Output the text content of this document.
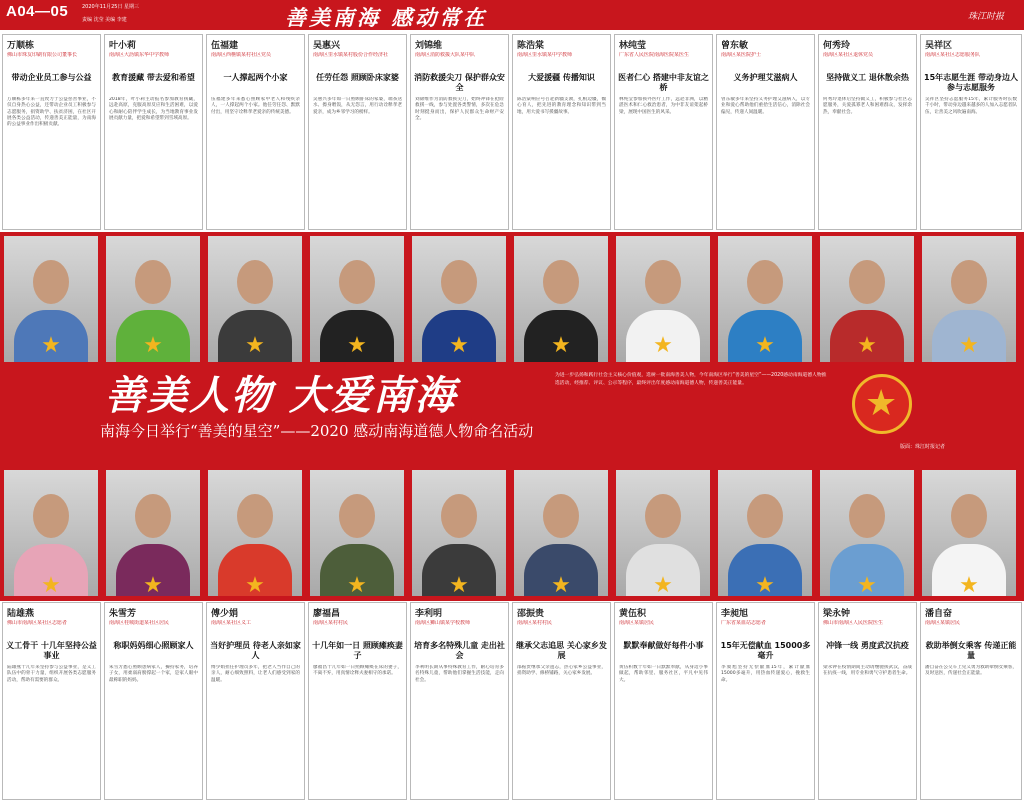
A04—05	2020年11月25日 星期三
责编 沈莹 美编 李建	善美南海 感动常在	珠江时报
万顺栋
佛山市珠友印刷有限公司董事长
带动企业员工参与公益
万顺栋多年来一直致力于公益慈善事业，不仅自身热心公益，还带动企业员工积极参与志愿服务，捐资助学、扶贫济困，在社区开展各类公益活动，传递善美正能量，为南海的公益事业作出积极贡献。
叶小莉
南海区大沥镇东华中学教师
教育援藏 带去爱和希望
2018年，叶小莉主动报名参加教育援藏，远赴高原，克服高原反应和生活困难，以爱心和耐心陪伴学生成长，为当地教育事业发展贡献力量，把爱和希望带到雪域高原。
伍福建
南海区西樵镇某村社区党员
一人撑起两个小家
伍福建多年来悉心照顾家中老人和残疾亲人，一人撑起两个小家。他任劳任怨、默默付出，用坚守诠释孝老爱亲的传统美德。
吴惠兴
南海区里水镇某村股份合作经济社
任劳任怨 照顾卧床家婆
吴惠兴多年如一日照顾卧床的家婆，端茶送水、擦身喂饭，从无怨言，用行动诠释孝老爱亲，成为乡邻学习的榜样。
刘锦维
南海区消防救援大队某中队
消防救援尖刀 保护群众安全
刘锦维作为消防救援尖刀，始终冲锋在抢险救援一线，参与处置各类警情，多次在危急时刻挺身而出，保护人民群众生命财产安全。
陈浩棠
南海区里水镇某中学教师
大爱援疆 传播知识
陈浩棠响应号召赴新疆支教，扎根边疆，倾心育人，把先进的教育理念和知识带到当地，用大爱书写援疆故事。
林纯莹
广东省人民医院南海医院某医生
医者仁心 搭建中非友谊之桥
林纯莹参加援外医疗工作，远赴非洲，以精湛医术和仁心救治患者，为中非友谊架起桥梁，展现中国医生的风采。
曾东敏
南海区某医院护士
义务护理艾滋病人
曾东敏多年来坚持义务护理艾滋病人，以专业和爱心帮助他们重拾生活信心，消除社会偏见，传递人间温暖。
何秀玲
南海区某社区退休党员
坚持做义工 退休散余热
何秀玲退休后坚持做义工，积极参与社区志愿服务，关爱孤寡老人和困难群众，发挥余热，奉献社会。
吴祥区
南海区某社区志愿服务队
15年志愿生涯 带动身边人参与志愿服务
吴祥区坚持志愿服务15年，累计服务时长数千小时，带动身边越来越多的人加入志愿者队伍，让善美之风吹遍南海。
★	★	★	★	★	★	★	★	★	★
善美人物 大爱南海
南海今日举行“善美的星空”——2020 感动南海道德人物命名活动
为进一步弘扬和践行社会主义核心价值观，选树一批南海善美人物，今年南海区举行“善美的星空”——2020感动南海道德人物推选活动，经推荐、评议、公示等程序，最终评出年度感动南海道德人物，传递善美正能量。	★
版面：珠江时报记者
★	★	★	★	★	★	★	★	★	★
陆雄燕
佛山市南海区某社区志愿者
义工骨干 十几年坚持公益事业
陆雄燕十几年来坚持参与公益事业，是义工队伍中的骨干力量，组织开展各类志愿服务活动，帮助有需要的群众。
朱雪芳
南海区桂城街道某社区居民
称职妈妈细心照顾家人
朱雪芳悉心照顾患病家人，操持家务，培养子女，用柔弱肩膀撑起一个家，是家人眼中最称职的妈妈。
傅少娟
南海区某社区义工
当好护理员 待老人亲如家人
傅少娟担任护理员多年，把老人当作自己的亲人，耐心细致照料，让老人们感受到家的温暖。
廖福昌
南海区某村村民
十几年如一日 照顾瘫痪妻子
廖福昌十几年如一日照顾瘫痪在床的妻子，不离不弃，用真情诠释夫妻相守的承诺。
李利明
南海区狮山镇某学校教师
培育多名特殊儿童 走出社会
李利明长期从事特殊教育工作，耐心培育多名特殊儿童，帮助他们掌握生活技能，走向社会。
邵振贵
南海区某村村民
继承父志追思 关心家乡发展
邵振贵继承父亲遗志，热心家乡公益事业，捐资助学、修桥铺路，关心家乡发展。
黄伍积
南海区某镇居民
默默奉献做好每件小事
黄伍积数十年如一日默默奉献，从身边小事做起，帮助邻里、服务社区，平凡中见伟大。
李昶旭
广东省某血站志愿者
15年无偿献血 15000多毫升
李昶旭坚持无偿献血15年，累计献血15000多毫升，用热血传递爱心，挽救生命。
梁永钟
佛山市南海区人民医院医生
冲锋一线 勇度武汉抗疫
梁永钟在疫情期间主动请缨驰援武汉，奋战在抗疫一线，用专业和勇气守护患者生命。
潘自奋
南海区某镇居民
救助举倒女乘客 传递正能量
潘自奋在公交车上见义勇为救助晕倒女乘客，及时送医，传递社会正能量。
